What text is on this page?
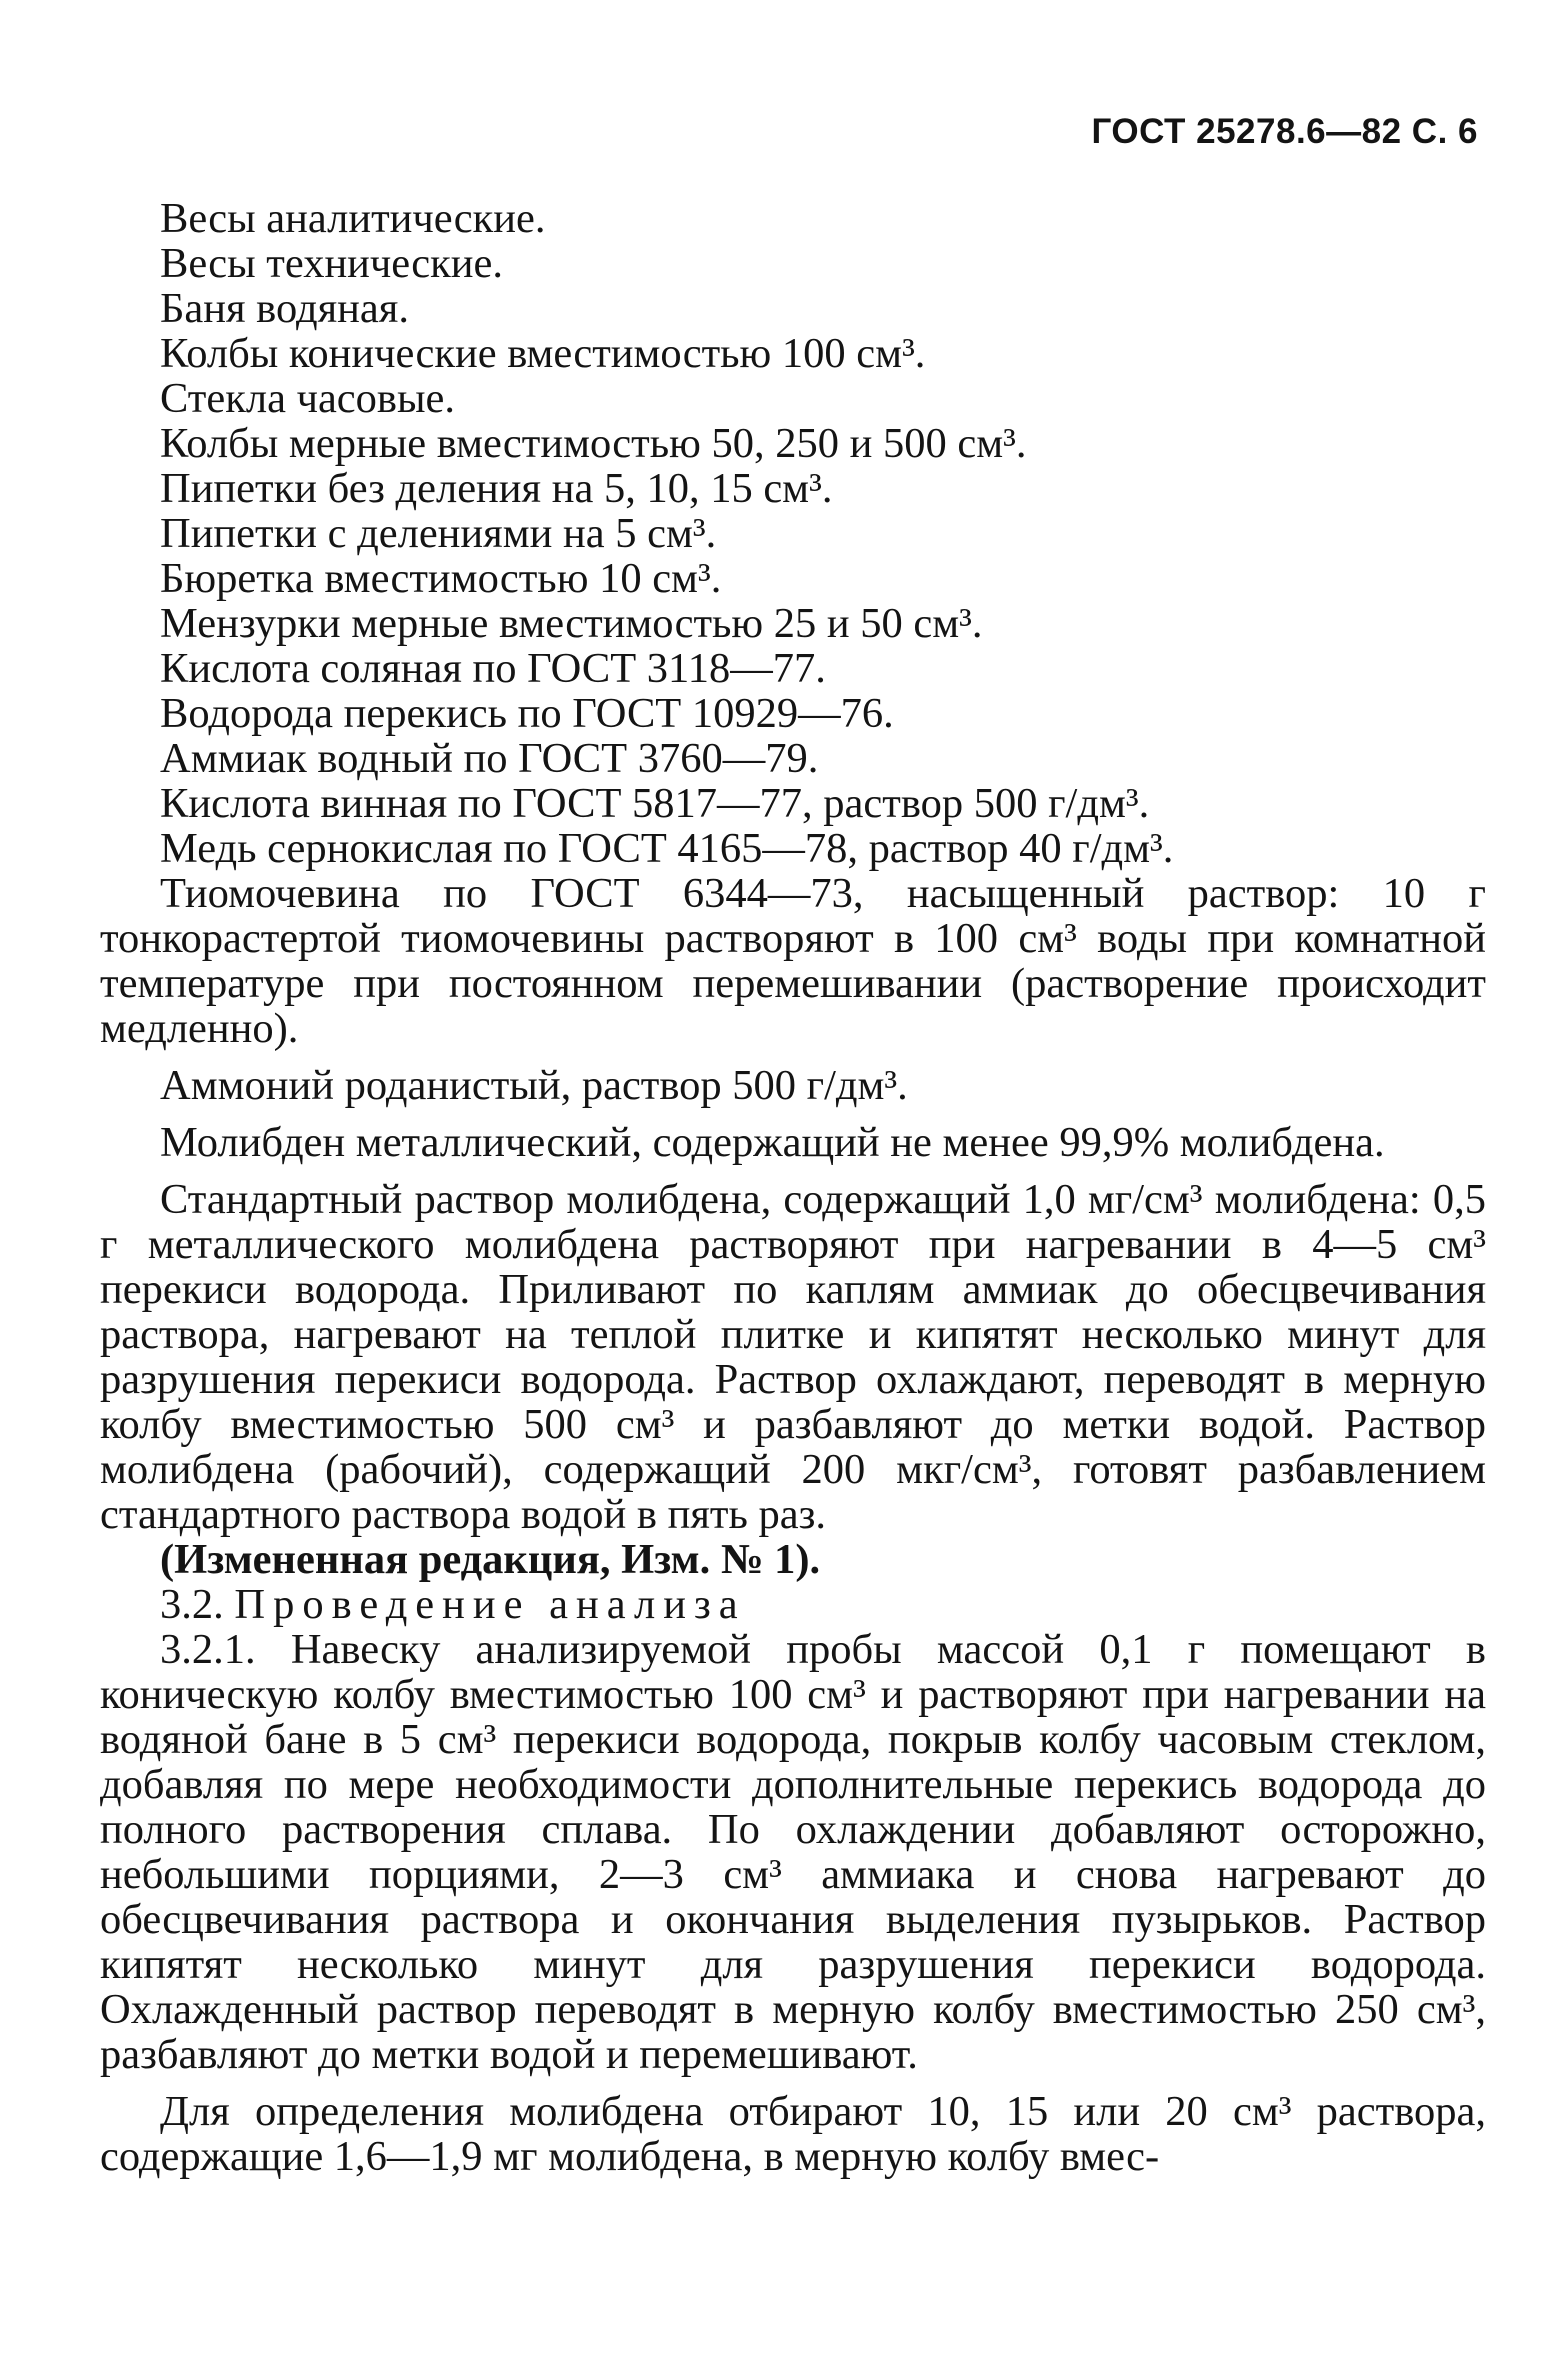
ГОСТ 25278.6—82 С. 6
Весы аналитические.
Весы технические.
Баня водяная.
Колбы конические вместимостью 100 см³.
Стекла часовые.
Колбы мерные вместимостью 50, 250 и 500 см³.
Пипетки без деления на 5, 10, 15 см³.
Пипетки с делениями на 5 см³.
Бюретка вместимостью 10 см³.
Мензурки мерные вместимостью 25 и 50 см³.
Кислота соляная по ГОСТ 3118—77.
Водорода перекись по ГОСТ 10929—76.
Аммиак водный по ГОСТ 3760—79.
Кислота винная по ГОСТ 5817—77, раствор 500 г/дм³.
Медь сернокислая по ГОСТ 4165—78, раствор 40 г/дм³.
Тиомочевина по ГОСТ 6344—73, насыщенный раствор: 10 г тонкорастертой тиомочевины растворяют в 100 см³ воды при комнатной температуре при постоянном перемешивании (растворение происходит медленно).
Аммоний роданистый, раствор 500 г/дм³.
Молибден металлический, содержащий не менее 99,9% молибдена.
Стандартный раствор молибдена, содержащий 1,0 мг/см³ молибдена: 0,5 г металлического молибдена растворяют при нагревании в 4—5 см³ перекиси водорода. Приливают по каплям аммиак до обесцвечивания раствора, нагревают на теплой плитке и кипятят несколько минут для разрушения перекиси водорода. Раствор охлаждают, переводят в мерную колбу вместимостью 500 см³ и разбавляют до метки водой. Раствор молибдена (рабочий), содержащий 200 мкг/см³, готовят разбавлением стандартного раствора водой в пять раз.
(Измененная редакция, Изм. № 1).
3.2. Проведение анализа
3.2.1. Навеску анализируемой пробы массой 0,1 г помещают в коническую колбу вместимостью 100 см³ и растворяют при нагревании на водяной бане в 5 см³ перекиси водорода, покрыв колбу часовым стеклом, добавляя по мере необходимости дополнительные перекись водорода до полного растворения сплава. По охлаждении добавляют осторожно, небольшими порциями, 2—3 см³ аммиака и снова нагревают до обесцвечивания раствора и окончания выделения пузырьков. Раствор кипятят несколько минут для разрушения перекиси водорода. Охлажденный раствор переводят в мерную колбу вместимостью 250 см³, разбавляют до метки водой и перемешивают.
Для определения молибдена отбирают 10, 15 или 20 см³ раствора, содержащие 1,6—1,9 мг молибдена, в мерную колбу вмес-
